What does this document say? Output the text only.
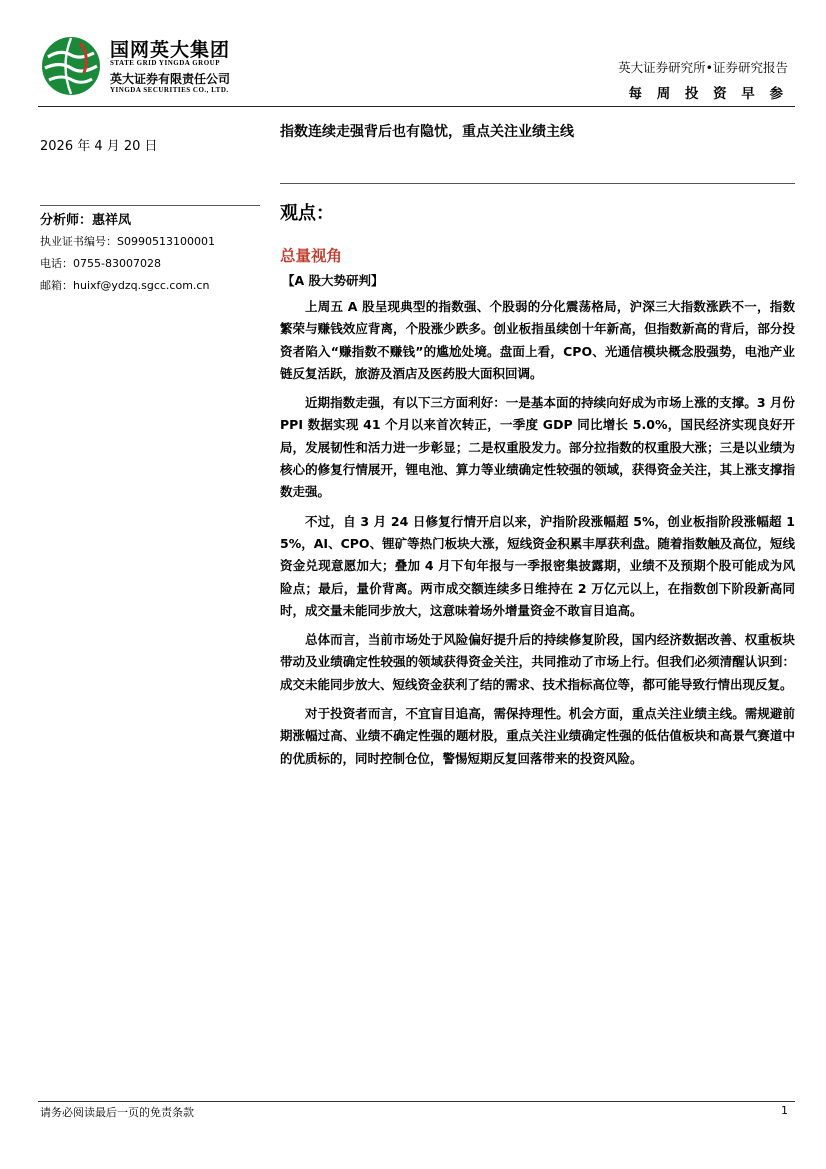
国网英大集团
STATE GRID YINGDA GROUP
英大证券有限责任公司
YINGDA SECURITIES CO., LTD.
英大证券研究所•证券研究报告
每 周 投 资 早 参
2026 年 4 月 20 日
分析师：惠祥凤
执业证书编号：S0990513100001
电话：0755-83007028
邮箱：huixf@ydzq.sgcc.com.cn
指数连续走强背后也有隐忧，重点关注业绩主线
观点：
总量视角
【A 股大势研判】

上周五 A 股呈现典型的指数强、个股弱的分化震荡格局，沪深三大指数涨跌不一，指数繁荣与赚钱效应背离，个股涨少跌多。创业板指虽续创十年新高，但指数新高的背后，部分投资者陷入“赚指数不赚钱”的尴尬处境。盘面上看，CPO、光通信模块概念股强势，电池产业链反复活跃，旅游及酒店及医药股大面积回调。

近期指数走强，有以下三方面利好：一是基本面的持续向好成为市场上涨的支撑。3 月份 PPI 数据实现 41 个月以来首次转正，一季度 GDP 同比增长 5.0%，国民经济实现良好开局，发展韧性和活力进一步彰显；二是权重股发力。部分拉指数的权重股大涨；三是以业绩为核心的修复行情展开，锂电池、算力等业绩确定性较强的领域，获得资金关注，其上涨支撑指数走强。

不过，自 3 月 24 日修复行情开启以来，沪指阶段涨幅超 5%，创业板指阶段涨幅超 15%，AI、CPO、锂矿等热门板块大涨，短线资金积累丰厚获利盘。随着指数触及高位，短线资金兑现意愿加大；叠加 4 月下旬年报与一季报密集披露期，业绩不及预期个股可能成为风险点；最后，量价背离。两市成交额连续多日维持在 2 万亿元以上，在指数创下阶段新高同时，成交量未能同步放大，这意味着场外增量资金不敢盲目追高。

总体而言，当前市场处于风险偏好提升后的持续修复阶段，国内经济数据改善、权重板块带动及业绩确定性较强的领域获得资金关注，共同推动了市场上行。但我们必须清醒认识到：成交未能同步放大、短线资金获利了结的需求、技术指标高位等，都可能导致行情出现反复。

对于投资者而言，不宜盲目追高，需保持理性。机会方面，重点关注业绩主线。需规避前期涨幅过高、业绩不确定性强的题材股，重点关注业绩确定性强的低估值板块和高景气赛道中的优质标的，同时控制仓位，警惕短期反复回落带来的投资风险。

请务必阅读最后一页的免责条款	1
